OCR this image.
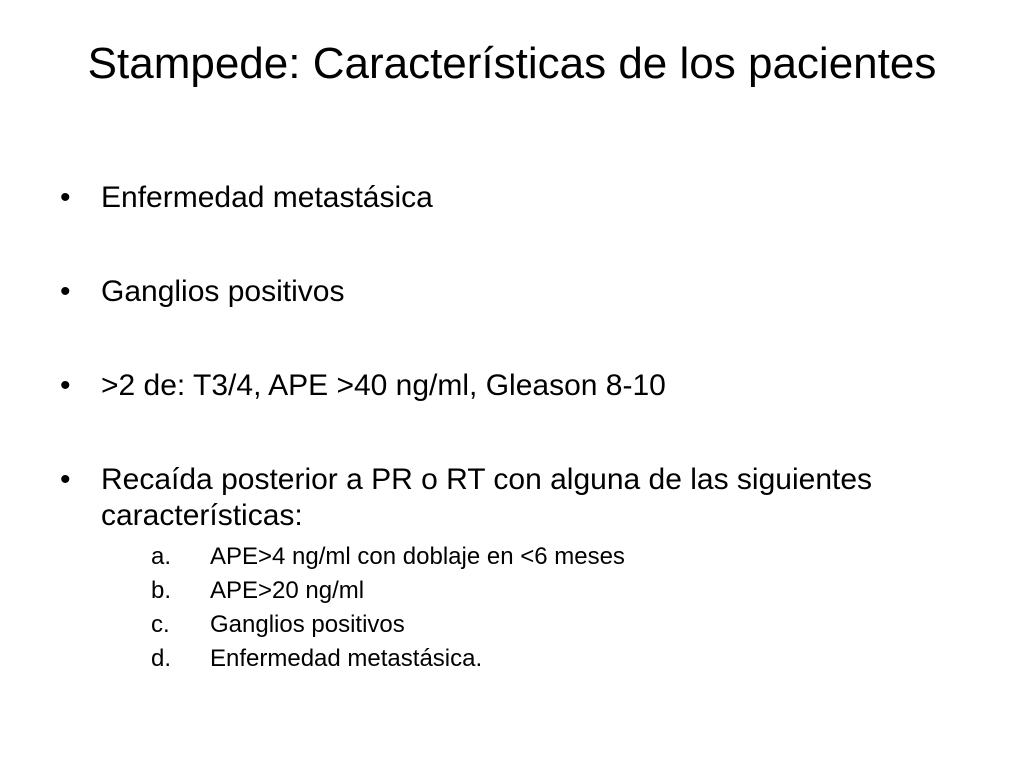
Stampede: Características de los pacientes
• Enfermedad metastásica
• Ganglios positivos
• >2 de: T3/4, APE >40 ng/ml, Gleason 8-10
• Recaída posterior a PR o RT con alguna de las siguientes características:
a. APE>4 ng/ml con doblaje en <6 meses
b. APE>20 ng/ml
c. Ganglios positivos
d. Enfermedad metastásica.
